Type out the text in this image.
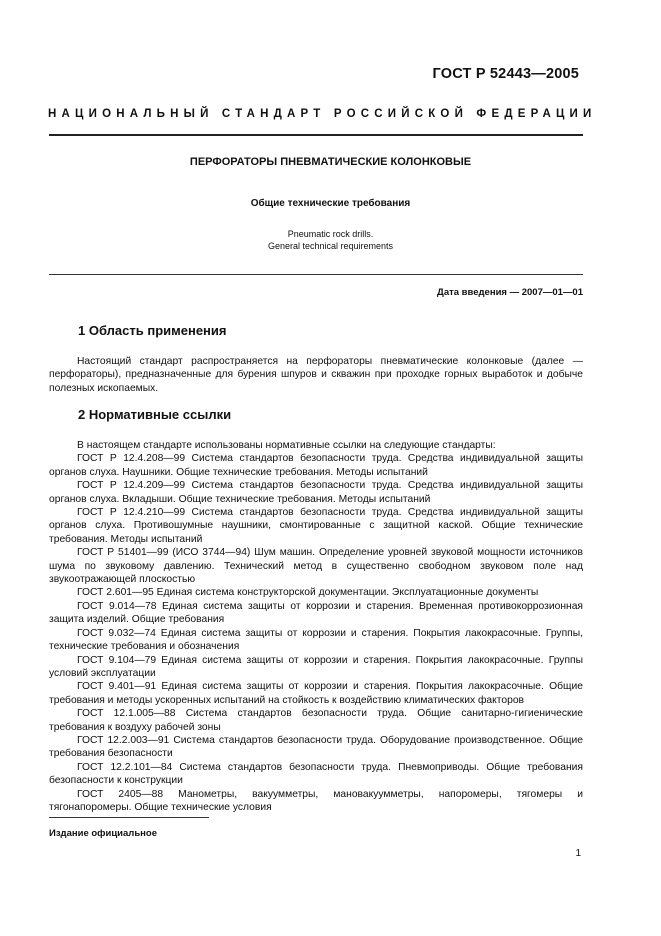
ГОСТ Р 52443—2005
НАЦИОНАЛЬНЫЙ СТАНДАРТ РОССИЙСКОЙ ФЕДЕРАЦИИ
ПЕРФОРАТОРЫ ПНЕВМАТИЧЕСКИЕ КОЛОНКОВЫЕ
Общие технические требования
Pneumatic rock drills.
General technical requirements
Дата введения — 2007—01—01
1 Область применения

Настоящий стандарт распространяется на перфораторы пневматические колонковые (далее — перфораторы), предназначенные для бурения шпуров и скважин при проходке горных выработок и добыче полезных ископаемых.

2 Нормативные ссылки

В настоящем стандарте использованы нормативные ссылки на следующие стандарты:

ГОСТ Р 12.4.208—99 Система стандартов безопасности труда. Средства индивидуальной защиты органов слуха. Наушники. Общие технические требования. Методы испытаний

ГОСТ Р 12.4.209—99 Система стандартов безопасности труда. Средства индивидуальной защиты органов слуха. Вкладыши. Общие технические требования. Методы испытаний

ГОСТ Р 12.4.210—99 Система стандартов безопасности труда. Средства индивидуальной защиты органов слуха. Противошумные наушники, смонтированные с защитной каской. Общие технические требования. Методы испытаний

ГОСТ Р 51401—99 (ИСО 3744—94) Шум машин. Определение уровней звуковой мощности источников шума по звуковому давлению. Технический метод в существенно свободном звуковом поле над звукоотражающей плоскостью

ГОСТ 2.601—95 Единая система конструкторской документации. Эксплуатационные документы

ГОСТ 9.014—78 Единая система защиты от коррозии и старения. Временная противокоррозионная защита изделий. Общие требования

ГОСТ 9.032—74 Единая система защиты от коррозии и старения. Покрытия лакокрасочные. Группы, технические требования и обозначения

ГОСТ 9.104—79 Единая система защиты от коррозии и старения. Покрытия лакокрасочные. Группы условий эксплуатации

ГОСТ 9.401—91 Единая система защиты от коррозии и старения. Покрытия лакокрасочные. Общие требования и методы ускоренных испытаний на стойкость к воздействию климатических факторов

ГОСТ 12.1.005—88 Система стандартов безопасности труда. Общие санитарно-гигиенические требования к воздуху рабочей зоны

ГОСТ 12.2.003—91 Система стандартов безопасности труда. Оборудование производственное. Общие требования безопасности

ГОСТ 12.2.101—84 Система стандартов безопасности труда. Пневмоприводы. Общие требования безопасности к конструкции

ГОСТ 2405—88 Манометры, вакуумметры, мановакуумметры, напоромеры, тягомеры и тягонапоромеры. Общие технические условия

Издание официальное
1
